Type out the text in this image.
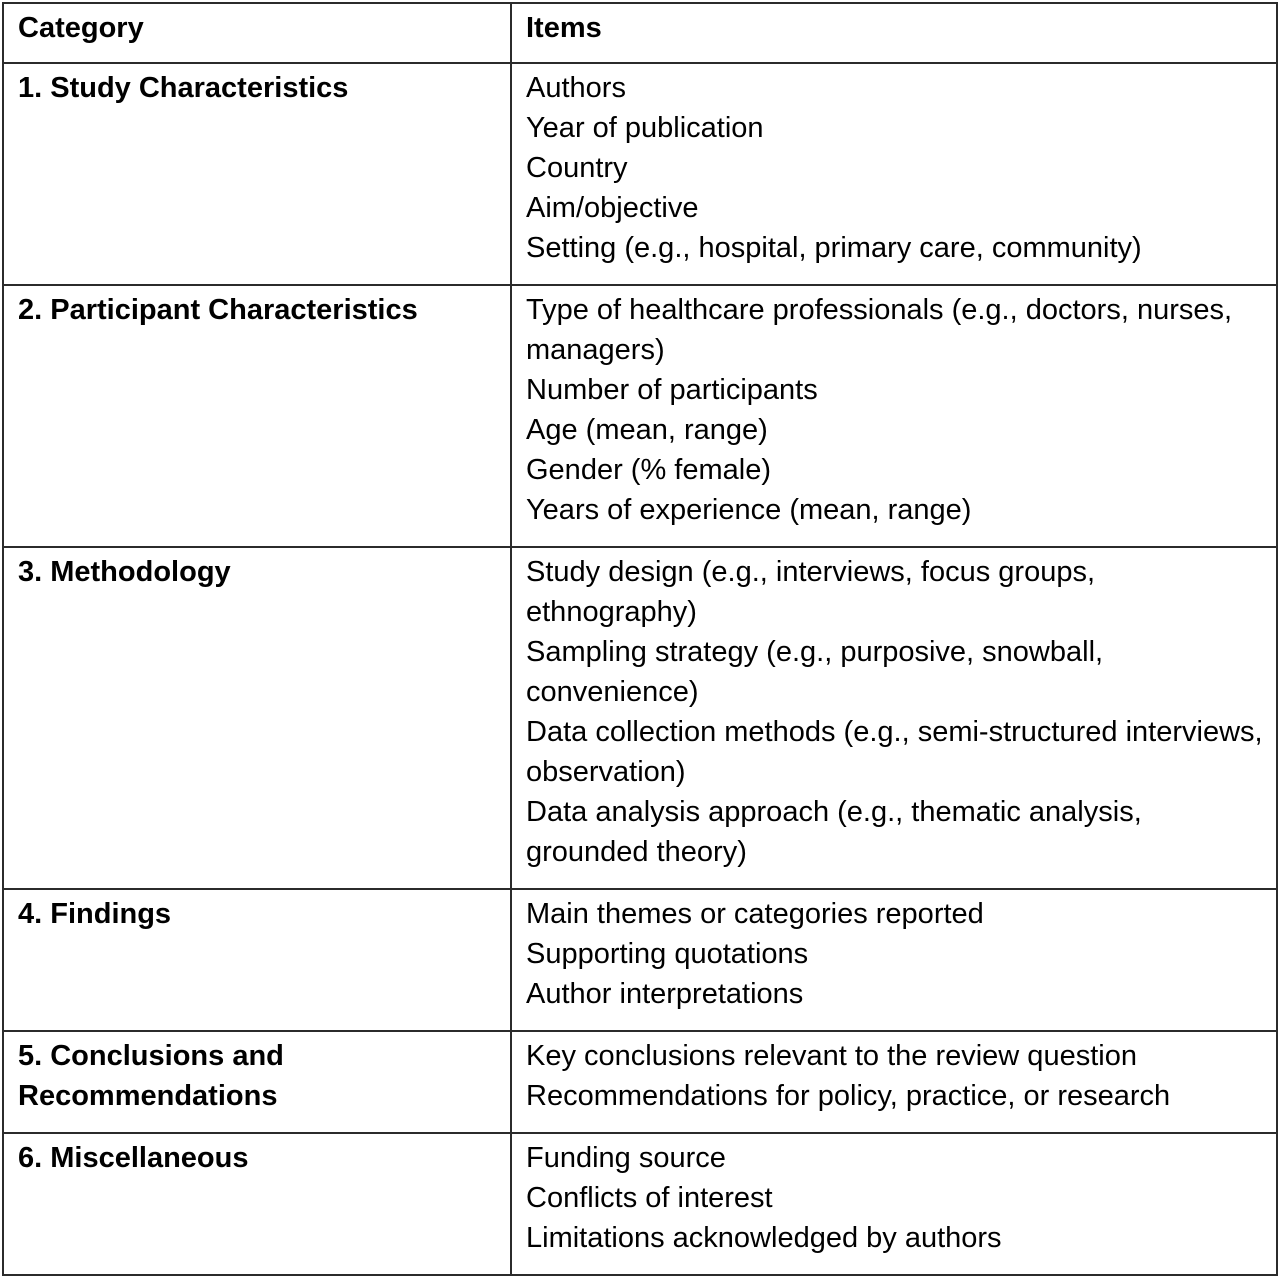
Category	Items

1. Study Characteristics	Authors
Year of publication
Country
Aim/objective
Setting (e.g., hospital, primary care, community)

2. Participant Characteristics	Type of healthcare professionals (e.g., doctors, nurses, managers)
Number of participants
Age (mean, range)
Gender (% female)
Years of experience (mean, range)

3. Methodology	Study design (e.g., interviews, focus groups, ethnography)
Sampling strategy (e.g., purposive, snowball, convenience)
Data collection methods (e.g., semi-structured interviews, observation)
Data analysis approach (e.g., thematic analysis, grounded theory)

4. Findings	Main themes or categories reported
Supporting quotations
Author interpretations

5. Conclusions and Recommendations	Key conclusions relevant to the review question
Recommendations for policy, practice, or research

6. Miscellaneous	Funding source
Conflicts of interest
Limitations acknowledged by authors
